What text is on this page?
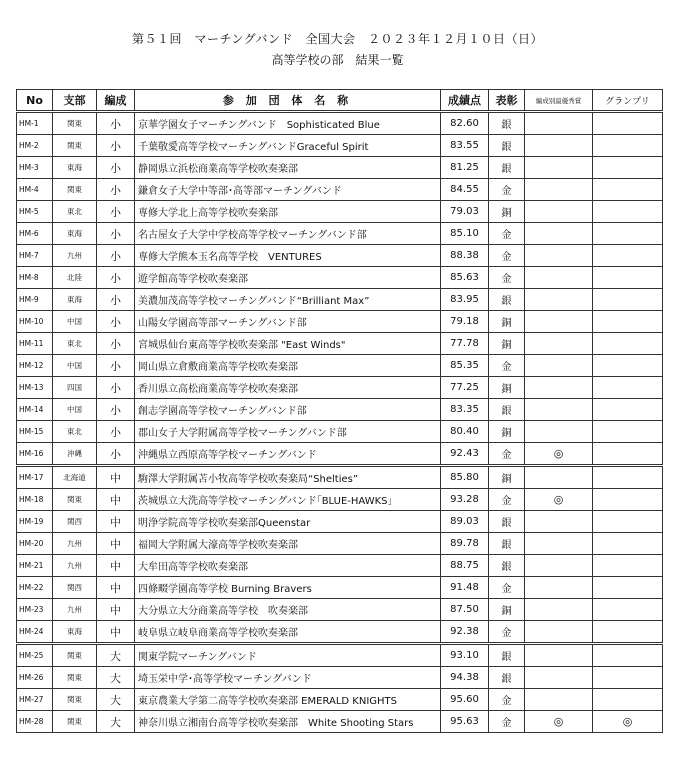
第５１回　マーチングバンド　全国大会　２０２３年１２月１０日（日）
高等学校の部　結果一覧
No	支部	編成	参 加 団 体 名 称	成績点	表彰	編成別最優秀賞	グランプリ
HM-1	関東	小	京華学園女子マーチングバンド　Sophisticated Blue	82.60	銀		
HM-2	関東	小	千葉敬愛高等学校マーチングバンドGraceful Spirit	83.55	銀		
HM-3	東海	小	静岡県立浜松商業高等学校吹奏楽部	81.25	銀		
HM-4	関東	小	鎌倉女子大学中等部･高等部マーチングバンド	84.55	金		
HM-5	東北	小	専修大学北上高等学校吹奏楽部	79.03	銅		
HM-6	東海	小	名古屋女子大学中学校高等学校マーチングバンド部	85.10	金		
HM-7	九州	小	専修大学熊本玉名高等学校　VENTURES	88.38	金		
HM-8	北陸	小	遊学館高等学校吹奏楽部	85.63	金		
HM-9	東海	小	美濃加茂高等学校マーチングバンド“Brilliant Max”	83.95	銀		
HM-10	中国	小	山陽女学園高等部マーチングバンド部	79.18	銅		
HM-11	東北	小	宮城県仙台東高等学校吹奏楽部 "East Winds"	77.78	銅		
HM-12	中国	小	岡山県立倉敷商業高等学校吹奏楽部	85.35	金		
HM-13	四国	小	香川県立高松商業高等学校吹奏楽部	77.25	銅		
HM-14	中国	小	創志学園高等学校マーチングバンド部	83.35	銀		
HM-15	東北	小	郡山女子大学附属高等学校マーチングバンド部	80.40	銅		
HM-16	沖縄	小	沖縄県立西原高等学校マーチングバンド	92.43	金	◎	
HM-17	北海道	中	駒澤大学附属苫小牧高等学校吹奏楽局“Shelties”	85.80	銅		
HM-18	関東	中	茨城県立大洗高等学校マーチングバンド｢BLUE-HAWKS｣	93.28	金	◎	
HM-19	関西	中	明浄学院高等学校吹奏楽部Queenstar	89.03	銀		
HM-20	九州	中	福岡大学附属大濠高等学校吹奏楽部	89.78	銀		
HM-21	九州	中	大牟田高等学校吹奏楽部	88.75	銀		
HM-22	関西	中	四條畷学園高等学校 Burning Bravers	91.48	金		
HM-23	九州	中	大分県立大分商業高等学校　吹奏楽部	87.50	銅		
HM-24	東海	中	岐阜県立岐阜商業高等学校吹奏楽部	92.38	金		
HM-25	関東	大	関東学院マーチングバンド	93.10	銀		
HM-26	関東	大	埼玉栄中学･高等学校マーチングバンド	94.38	銀		
HM-27	関東	大	東京農業大学第二高等学校吹奏楽部 EMERALD KNIGHTS	95.60	金		
HM-28	関東	大	神奈川県立湘南台高等学校吹奏楽部　White Shooting Stars	95.63	金	◎	◎
